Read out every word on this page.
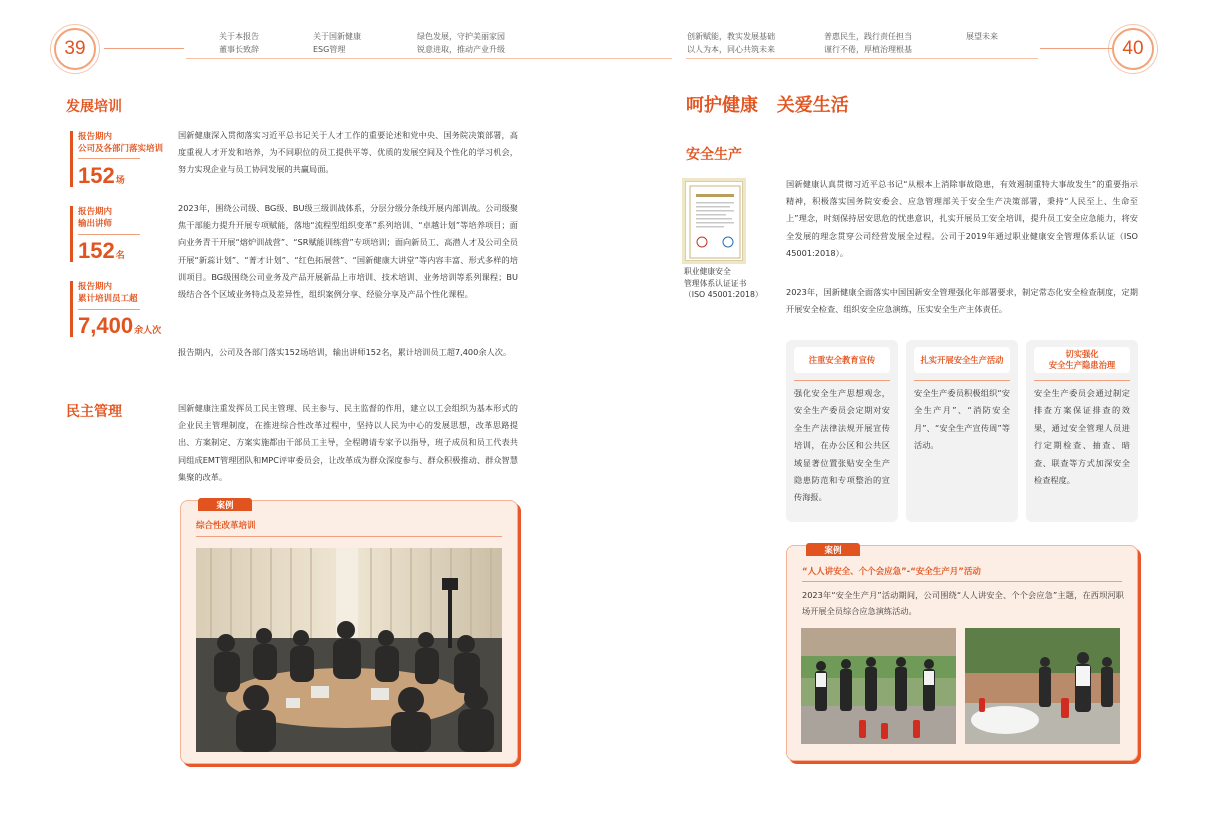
39	40
关于本报告
董事长致辞
关于国新健康
ESG管理
绿色发展，守护美丽家园
锐意进取，推动产业升级
创新赋能，教实发展基础
以人为本，同心共筑未来
普惠民生，践行责任担当
谨行不倦，厚植治理根基
展望未来
发展培训
报告期内
公司及各部门落实培训
152场
报告期内
输出讲师
152名
报告期内
累计培训员工超
7,400余人次
国新健康深入贯彻落实习近平总书记关于人才工作的重要论述和党中央、国务院决策部署，高度重视人才开发和培养，为不同职位的员工提供平等、优质的发展空间及个性化的学习机会，努力实现企业与员工协同发展的共赢局面。
2023年，围绕公司级、BG级、BU级三级训战体系，分层分级分条线开展内部训战。公司级聚焦干部能力提升开展专项赋能，落地“流程型组织变革”系列培训、“卓越计划”等培养项目；面向业务青干开展“熔炉训战营”、“SR赋能训练营”专项培训；面向新员工、高潜人才及公司全员开展“新蕊计划”、“菁才计划”、“红色拓展营”、“国新健康大讲堂”等内容丰富、形式多样的培训项目。BG级围绕公司业务及产品开展新品上市培训、技术培训、业务培训等系列课程；BU级结合各个区域业务特点及差异性，组织案例分享、经验分享及产品个性化课程。
报告期内，公司及各部门落实152场培训，输出讲师152名，累计培训员工超7,400余人次。
民主管理	国新健康注重发挥员工民主管理、民主参与、民主监督的作用，建立以工会组织为基本形式的企业民主管理制度，在推进综合性改革过程中，坚持以人民为中心的发展思想，改革思路提出、方案制定、方案实施都由干部员工主导，全程聘请专家予以指导，班子成员和员工代表共同组成EMT管理团队和MPC评审委员会，让改革成为群众深度参与、群众积极推动、群众智慧集聚的改革。
案例
综合性改革培训
呵护健康   关爱生活
安全生产
职业健康安全
管理体系认证证书
（ISO 45001:2018）
国新健康认真贯彻习近平总书记“从根本上消除事故隐患，有效遏制重特大事故发生”的重要指示精神，积极落实国务院安委会、应急管理部关于安全生产决策部署，秉持“人民至上、生命至上”理念，时刻保持居安思危的忧患意识，扎实开展员工安全培训，提升员工安全应急能力，将安全发展的理念贯穿公司经营发展全过程。公司于2019年通过职业健康安全管理体系认证（ISO 45001:2018）。
2023年，国新健康全面落实中国国新安全管理强化年部署要求，制定常态化安全检查制度，定期开展安全检查、组织安全应急演练，压实安全生产主体责任。
注重安全教育宣传
强化安全生产思想观念，安全生产委员会定期对安全生产法律法规开展宣传培训，在办公区和公共区域显著位置张贴安全生产隐患防范和专项整治的宣传海报。
扎实开展安全生产活动
安全生产委员积极组织“安全生产月”、“消防安全月”、“安全生产宣传周”等活动。
切实强化
安全生产隐患治理
安全生产委员会通过制定排查方案保证排查的效果，通过安全管理人员进行定期检查、抽查、暗查、联查等方式加深安全检查程度。
案例
“人人讲安全、个个会应急”-“安全生产月”活动
2023年“安全生产月”活动期间，公司围绕“人人讲安全、个个会应急”主题，在西坝河职场开展全员综合应急演练活动。
